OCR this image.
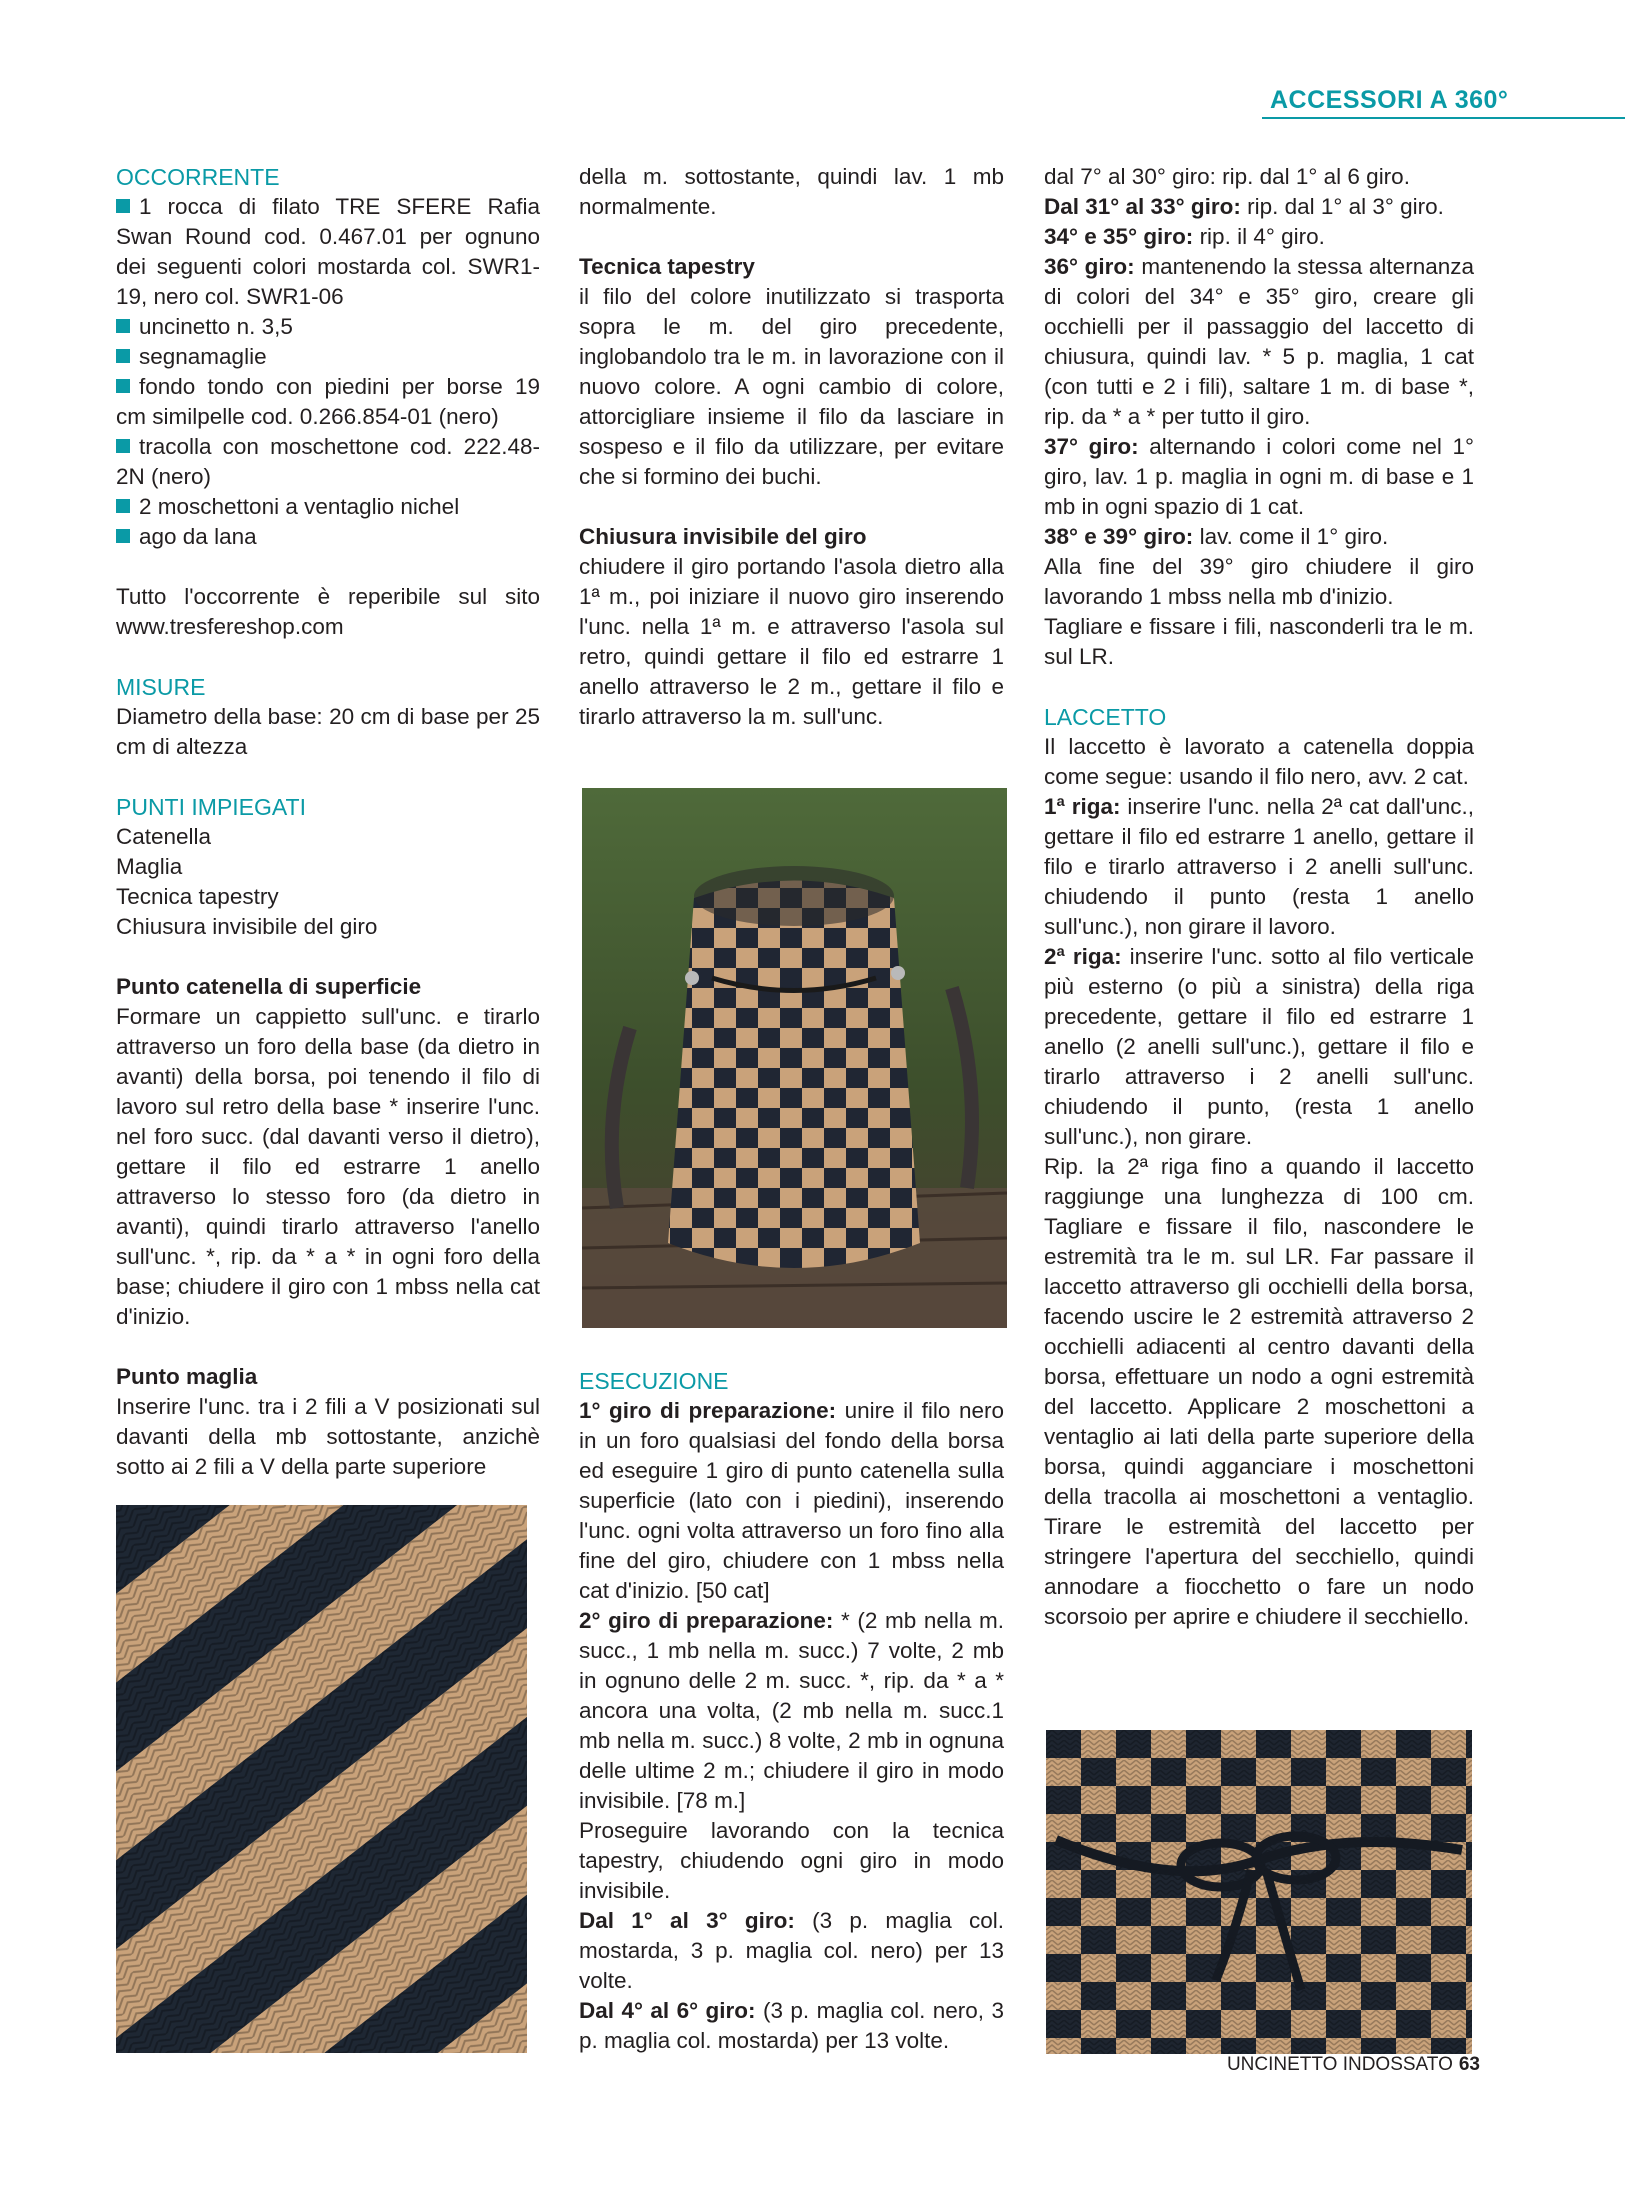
ACCESSORI A 360°

OCCORRENTE

1 rocca di filato TRE SFERE Rafia Swan Round cod. 0.467.01 per ognuno dei seguenti colori mostarda col. SWR1-19, nero col. SWR1-06

uncinetto n. 3,5

segnamaglie

fondo tondo con piedini per borse 19 cm similpelle cod. 0.266.854-01 (nero)

tracolla con moschettone cod. 222.48-2N (nero)

2 moschettoni a ventaglio nichel

ago da lana

Tutto l'occorrente è reperibile sul sito www.tresfereshop.com

MISURE

Diametro della base: 20 cm di base per 25 cm di altezza

PUNTI IMPIEGATI

Catenella

Maglia

Tecnica tapestry

Chiusura invisibile del giro

Punto catenella di superficie

Formare un cappietto sull'unc. e tirarlo attraverso un foro della base (da dietro in avanti) della borsa, poi tenendo il filo di lavoro sul retro della base * inserire l'unc. nel foro succ. (dal davanti verso il dietro), gettare il filo ed estrarre 1 anello attraverso lo stesso foro (da dietro in avanti), quindi tirarlo attraverso l'anello sull'unc. *, rip. da * a * in ogni foro della base; chiudere il giro con 1 mbss nella cat d'inizio.

Punto maglia

Inserire l'unc. tra i 2 fili a V posizionati sul davanti della mb sottostante, anzichè sotto ai 2 fili a V della parte superiore

della m. sottostante, quindi lav. 1 mb normalmente.

Tecnica tapestry

il filo del colore inutilizzato si trasporta sopra le m. del giro precedente, inglobandolo tra le m. in lavorazione con il nuovo colore. A ogni cambio di colore, attorcigliare insieme il filo da lasciare in sospeso e il filo da utilizzare, per evitare che si formino dei buchi.

Chiusura invisibile del giro

chiudere il giro portando l'asola dietro alla 1ª m., poi iniziare il nuovo giro inserendo l'unc. nella 1ª m. e attraverso l'asola sul retro, quindi gettare il filo ed estrarre 1 anello attraverso le 2 m., gettare il filo e tirarlo attraverso la m. sull'unc.

ESECUZIONE

1° giro di preparazione: unire il filo nero in un foro qualsiasi del fondo della borsa ed eseguire 1 giro di punto catenella sulla superficie (lato con i piedini), inserendo l'unc. ogni volta attraverso un foro fino alla fine del giro, chiudere con 1 mbss nella cat d'inizio. [50 cat]

2° giro di preparazione: * (2 mb nella m. succ., 1 mb nella m. succ.) 7 volte, 2 mb in ognuno delle 2 m. succ. *, rip. da * a * ancora una volta, (2 mb nella m. succ.1 mb nella m. succ.) 8 volte, 2 mb in ognuna delle ultime 2 m.; chiudere il giro in modo invisibile. [78 m.]

Proseguire lavorando con la tecnica tapestry, chiudendo ogni giro in modo invisibile.

Dal 1° al 3° giro: (3 p. maglia col. mostarda, 3 p. maglia col. nero) per 13 volte.

Dal 4° al 6° giro: (3 p. maglia col. nero, 3 p. maglia col. mostarda) per 13 volte.

dal 7° al 30° giro: rip. dal 1° al 6 giro.

Dal 31° al 33° giro: rip. dal 1° al 3° giro.

34° e 35° giro: rip. il 4° giro.

36° giro: mantenendo la stessa alternanza di colori del 34° e 35° giro, creare gli occhielli per il passaggio del laccetto di chiusura, quindi lav. * 5 p. maglia, 1 cat (con tutti e 2 i fili), saltare 1 m. di base *, rip. da * a * per tutto il giro.

37° giro: alternando i colori come nel 1° giro, lav. 1 p. maglia in ogni m. di base e 1 mb in ogni spazio di 1 cat.

38° e 39° giro: lav. come il 1° giro.

Alla fine del 39° giro chiudere il giro lavorando 1 mbss nella mb d'inizio.

Tagliare e fissare i fili, nasconderli tra le m. sul LR.

LACCETTO

Il laccetto è lavorato a catenella doppia come segue: usando il filo nero, avv. 2 cat.

1ª riga: inserire l'unc. nella 2ª cat dall'unc., gettare il filo ed estrarre 1 anello, gettare il filo e tirarlo attraverso i 2 anelli sull'unc. chiudendo il punto (resta 1 anello sull'unc.), non girare il lavoro.

2ª riga: inserire l'unc. sotto al filo verticale più esterno (o più a sinistra) della riga precedente, gettare il filo ed estrarre 1 anello (2 anelli sull'unc.), gettare il filo e tirarlo attraverso i 2 anelli sull'unc. chiudendo il punto, (resta 1 anello sull'unc.), non girare.

Rip. la 2ª riga fino a quando il laccetto raggiunge una lunghezza di 100 cm. Tagliare e fissare il filo, nascondere le estremità tra le m. sul LR. Far passare il laccetto attraverso gli occhielli della borsa, facendo uscire le 2 estremità attraverso 2 occhielli adiacenti al centro davanti della borsa, effettuare un nodo a ogni estremità del laccetto. Applicare 2 moschettoni a ventaglio ai lati della parte superiore della borsa, quindi agganciare i moschettoni della tracolla ai moschettoni a ventaglio. Tirare le estremità del laccetto per stringere l'apertura del secchiello, quindi annodare a fiocchetto o fare un nodo scorsoio per aprire e chiudere il secchiello.

UNCINETTO INDOSSATO 63
